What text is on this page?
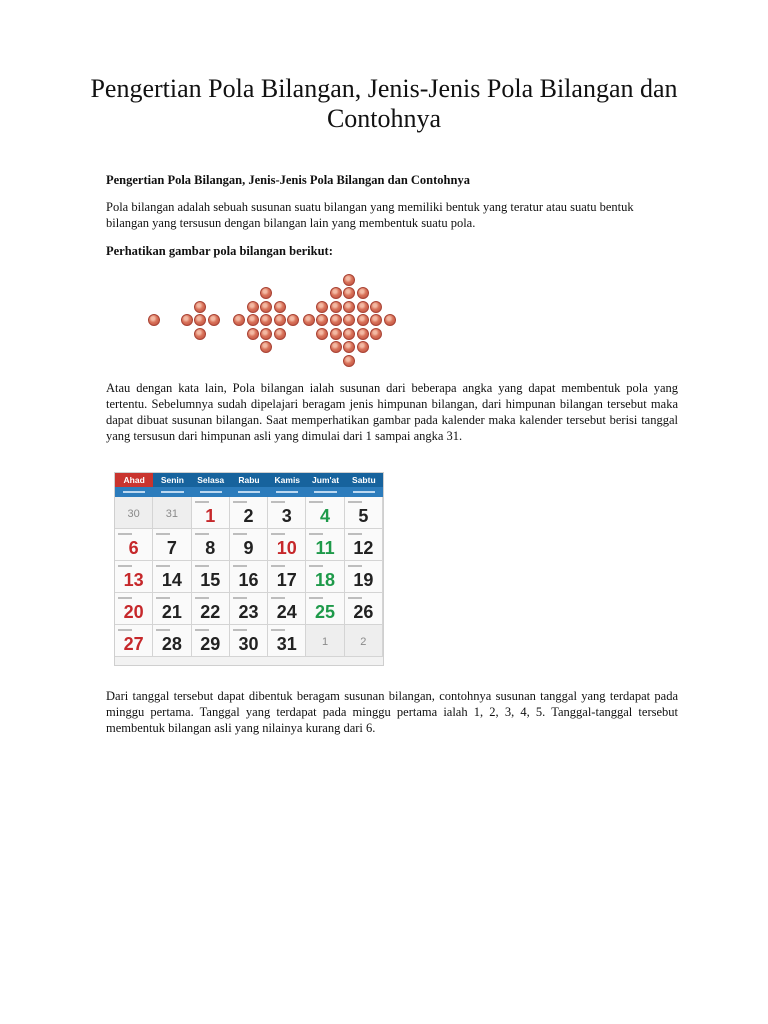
Pengertian Pola Bilangan, Jenis-Jenis Pola Bilangan dan Contohnya

Pengertian Pola Bilangan, Jenis-Jenis Pola Bilangan dan Contohnya

Pola bilangan adalah sebuah susunan suatu bilangan yang memiliki bentuk yang teratur atau suatu bentuk bilangan yang tersusun dengan bilangan lain yang membentuk suatu pola.

Perhatikan gambar pola bilangan berikut:

Atau dengan kata lain, Pola bilangan ialah susunan dari beberapa angka yang dapat membentuk pola yang tertentu. Sebelumnya sudah dipelajari beragam jenis himpunan bilangan, dari himpunan bilangan tersebut maka dapat dibuat susunan bilangan. Saat memperhatikan gambar pada kalender maka kalender tersebut berisi tanggal yang tersusun dari himpunan asli yang dimulai dari 1 sampai angka 31.

Ahad	Senin	Selasa	Rabu	Kamis	Jum'at	Sabtu
30	31	1	2	3	4	5
6	7	8	9	10	11	12
13	14	15	16	17	18	19
20	21	22	23	24	25	26
27	28	29	30	31	1	2

Dari tanggal tersebut dapat dibentuk beragam susunan bilangan, contohnya susunan tanggal yang terdapat pada minggu pertama. Tanggal yang terdapat pada minggu pertama ialah 1, 2, 3, 4, 5. Tanggal-tanggal tersebut membentuk bilangan asli yang nilainya kurang dari 6.
